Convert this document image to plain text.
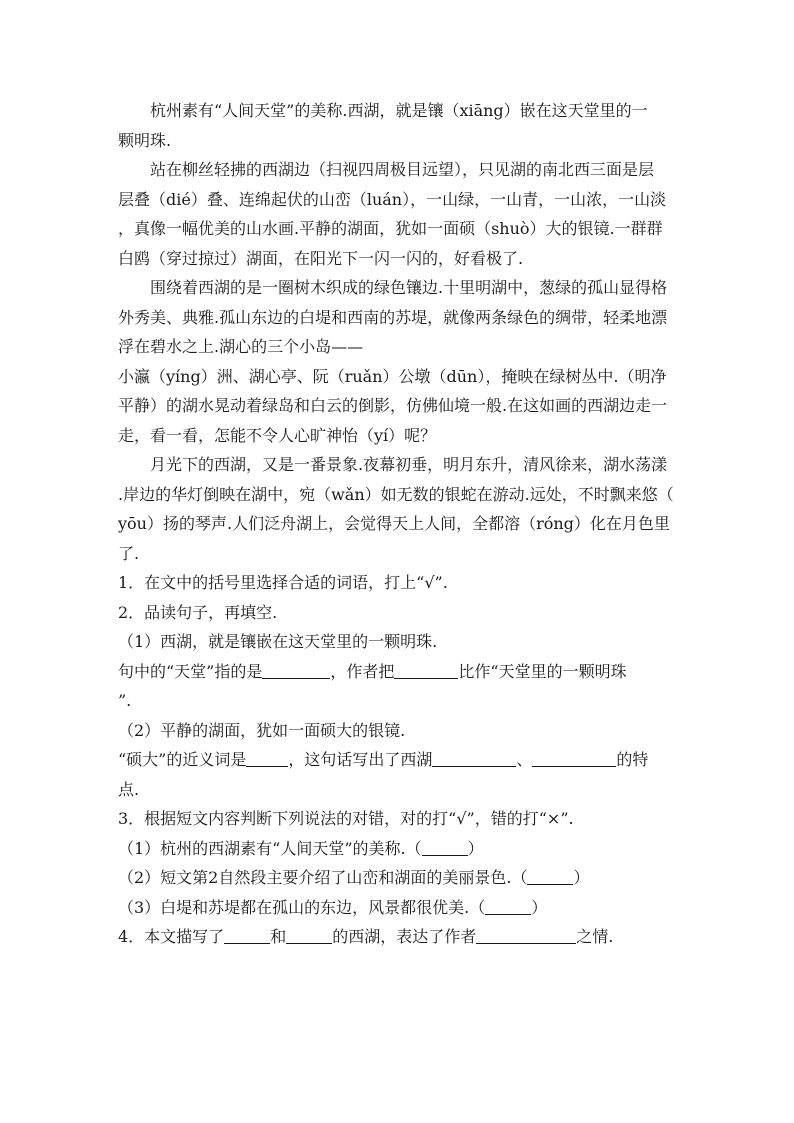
杭州素有“人间天堂”的美称.西湖，就是镶（xiāng）嵌在这天堂里的一
颗明珠.
站在柳丝轻拂的西湖边（扫视四周极目远望），只见湖的南北西三面是层
层叠（dié）叠、连绵起伏的山峦（luán），一山绿，一山青，一山浓，一山淡
，真像一幅优美的山水画.平静的湖面，犹如一面硕（shuò）大的银镜.一群群
白鸥（穿过掠过）湖面，在阳光下一闪一闪的，好看极了.
围绕着西湖的是一圈树木织成的绿色镶边.十里明湖中，葱绿的孤山显得格
外秀美、典雅.孤山东边的白堤和西南的苏堤，就像两条绿色的绸带，轻柔地漂
浮在碧水之上.湖心的三个小岛——
小瀛（yíng）洲、湖心亭、阮（ruǎn）公墩（dūn），掩映在绿树丛中.（明净
平静）的湖水晃动着绿岛和白云的倒影，仿佛仙境一般.在这如画的西湖边走一
走，看一看，怎能不令人心旷神怡（yí）呢？
月光下的西湖，又是一番景象.夜幕初垂，明月东升，清风徐来，湖水荡漾
.岸边的华灯倒映在湖中，宛（wǎn）如无数的银蛇在游动.远处，不时飘来悠（
yōu）扬的琴声.人们泛舟湖上，会觉得天上人间，全都溶（róng）化在月色里
了.
1．在文中的括号里选择合适的词语，打上“√”.
2．品读句子，再填空.
（1）西湖，就是镶嵌在这天堂里的一颗明珠.
句中的“天堂”指的是	，作者把	比作“天堂里的一颗明珠
”.
（2）平静的湖面，犹如一面硕大的银镜.
“硕大”的近义词是	，这句话写出了西湖	、	的特
点.
3．根据短文内容判断下列说法的对错，对的打“√”，错的打“×”.
（1）杭州的西湖素有“人间天堂”的美称.（	）
（2）短文第2自然段主要介绍了山峦和湖面的美丽景色.（	）
（3）白堤和苏堤都在孤山的东边，风景都很优美.（	）
4．本文描写了	和	的西湖，表达了作者	之情.
